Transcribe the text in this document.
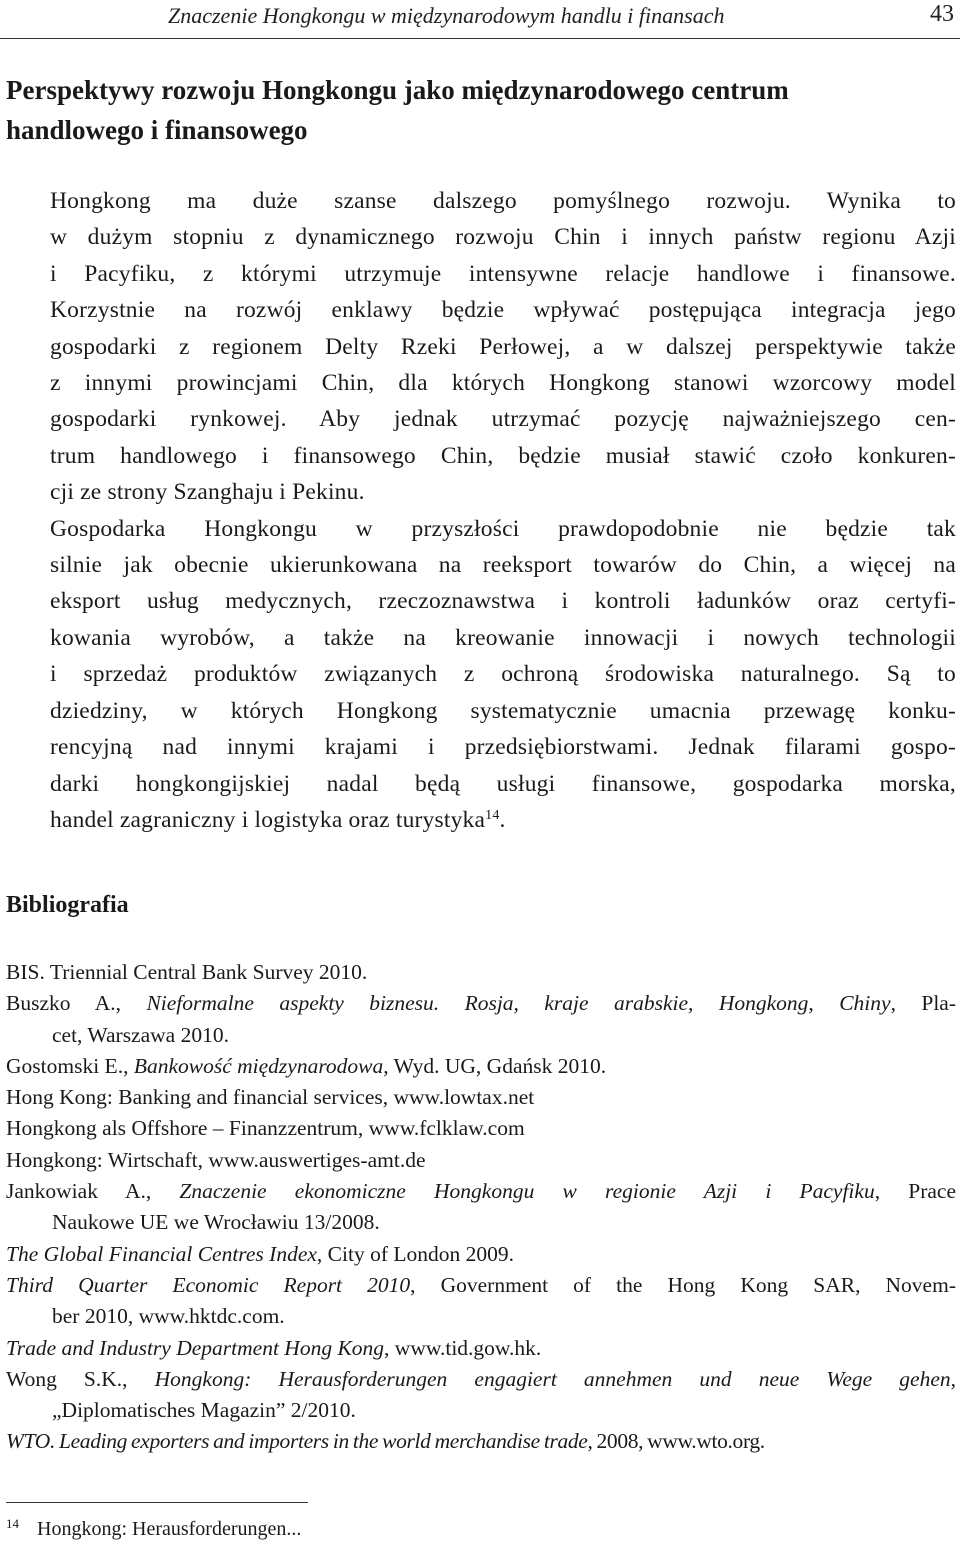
Znaczenie Hongkongu w międzynarodowym handlu i finansach	43
Perspektywy rozwoju Hongkongu jako międzynarodowego centrum
handlowego i finansowego

Hongkong ma duże szanse dalszego pomyślnego rozwoju. Wynika to
w dużym stopniu z dynamicznego rozwoju Chin i innych państw regionu Azji
i Pacyfiku, z którymi utrzymuje intensywne relacje handlowe i finansowe.
Korzystnie na rozwój enklawy będzie wpływać postępująca integracja jego
gospodarki z regionem Delty Rzeki Perłowej, a w dalszej perspektywie także
z innymi prowincjami Chin, dla których Hongkong stanowi wzorcowy model
gospodarki rynkowej. Aby jednak utrzymać pozycję najważniejszego cen-
trum handlowego i finansowego Chin, będzie musiał stawić czoło konkuren-
cji ze strony Szanghaju i Pekinu.

Gospodarka Hongkongu w przyszłości prawdopodobnie nie będzie tak
silnie jak obecnie ukierunkowana na reeksport towarów do Chin, a więcej na
eksport usług medycznych, rzeczoznawstwa i kontroli ładunków oraz certyfi-
kowania wyrobów, a także na kreowanie innowacji i nowych technologii
i sprzedaż produktów związanych z ochroną środowiska naturalnego. Są to
dziedziny, w których Hongkong systematycznie umacnia przewagę konku-
rencyjną nad innymi krajami i przedsiębiorstwami. Jednak filarami gospo-
darki hongkongijskiej nadal będą usługi finansowe, gospodarka morska,
handel zagraniczny i logistyka oraz turystyka$^{14}$.

Bibliografia
BIS. Triennial Central Bank Survey 2010.
Buszko A., Nieformalne aspekty biznesu. Rosja, kraje arabskie, Hongkong, Chiny, Pla-
cet, Warszawa 2010.
Gostomski E., Bankowość międzynarodowa, Wyd. UG, Gdańsk 2010.
Hong Kong: Banking and financial services, www.lowtax.net
Hongkong als Offshore – Finanzzentrum, www.fclklaw.com
Hongkong: Wirtschaft, www.auswertiges-amt.de
Jankowiak A., Znaczenie ekonomiczne Hongkongu w regionie Azji i Pacyfiku, Prace
Naukowe UE we Wrocławiu 13/2008.
The Global Financial Centres Index, City of London 2009.
Third Quarter Economic Report 2010, Government of the Hong Kong SAR, Novem-
ber 2010, www.hktdc.com.
Trade and Industry Department Hong Kong, www.tid.gow.hk.
Wong S.K., Hongkong: Herausforderungen engagiert annehmen und neue Wege gehen,
„Diplomatisches Magazin” 2/2010.
WTO. Leading exporters and importers in the world merchandise trade, 2008, www.wto.org.
$^{14}$ Hongkong: Herausforderungen...
